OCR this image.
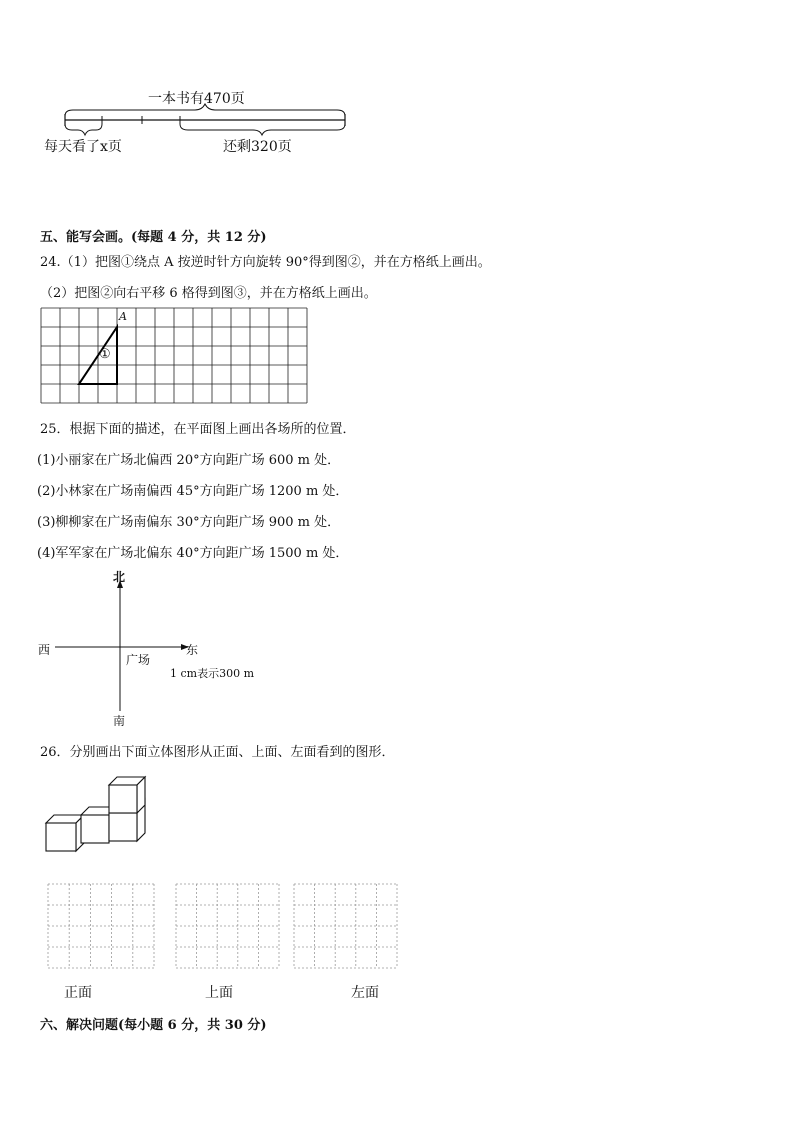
一本书有470页
每天看了x页	还剩320页
五、能写会画。(每题 4 分，共 12 分)
24.（1）把图①绕点 A 按逆时针方向旋转 90°得到图②，并在方格纸上画出。
（2）把图②向右平移 6 格得到图③，并在方格纸上画出。
A
①
25．根据下面的描述，在平面图上画出各场所的位置．
(1)小丽家在广场北偏西 20°方向距广场 600 m 处．
(2)小林家在广场南偏西 45°方向距广场 1200 m 处．
(3)柳柳家在广场南偏东 30°方向距广场 900 m 处．
(4)军军家在广场北偏东 40°方向距广场 1500 m 处．
北
南
西	东
广场
1 cm表示300 m
26．分别画出下面立体图形从正面、上面、左面看到的图形．
正面	上面	左面
六、解决问题(每小题 6 分，共 30 分)
